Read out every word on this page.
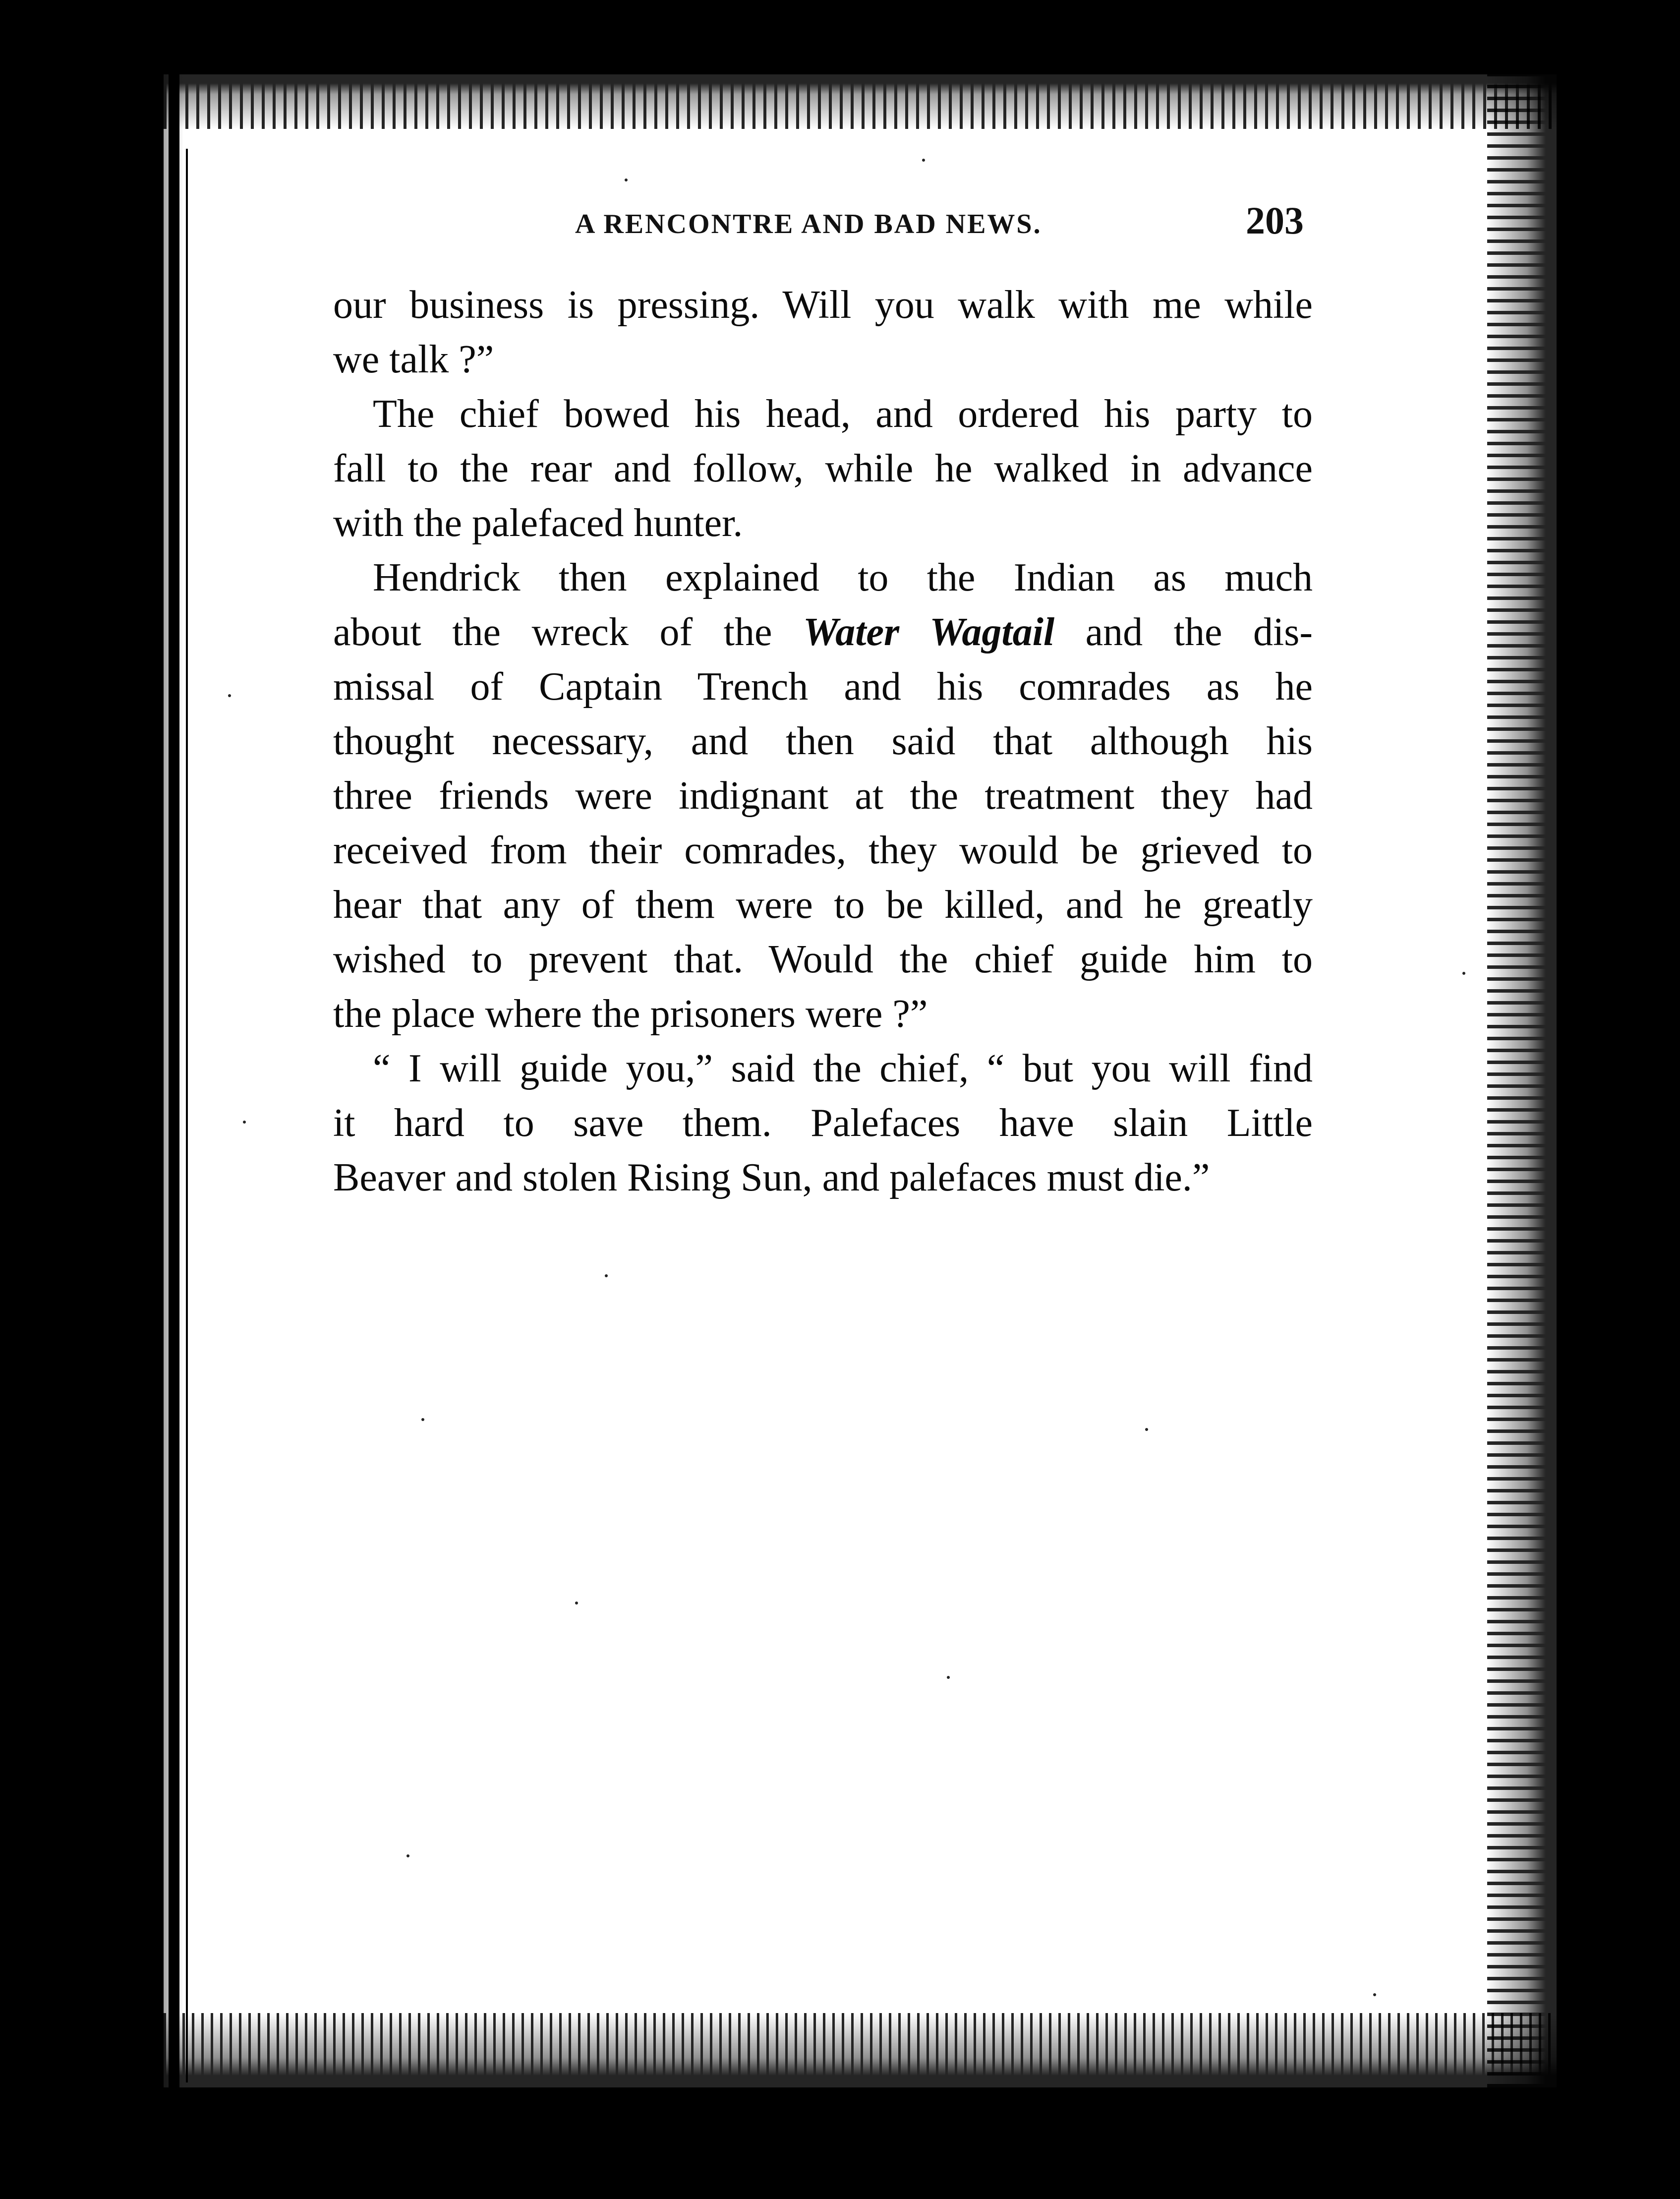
A RENCONTRE AND BAD NEWS.	203
our business is pressing. Will you walk with me while
we talk ?”
The chief bowed his head, and ordered his party to
fall to the rear and follow, while he walked in advance
with the palefaced hunter.
Hendrick then explained to the Indian as much
about the wreck of the Water Wagtail and the dis-
missal of Captain Trench and his comrades as he
thought necessary, and then said that although his
three friends were indignant at the treatment they had
received from their comrades, they would be grieved to
hear that any of them were to be killed, and he greatly
wished to prevent that. Would the chief guide him to
the place where the prisoners were ?”
“ I will guide you,” said the chief, “ but you will find
it hard to save them. Palefaces have slain Little
Beaver and stolen Rising Sun, and palefaces must die.”
